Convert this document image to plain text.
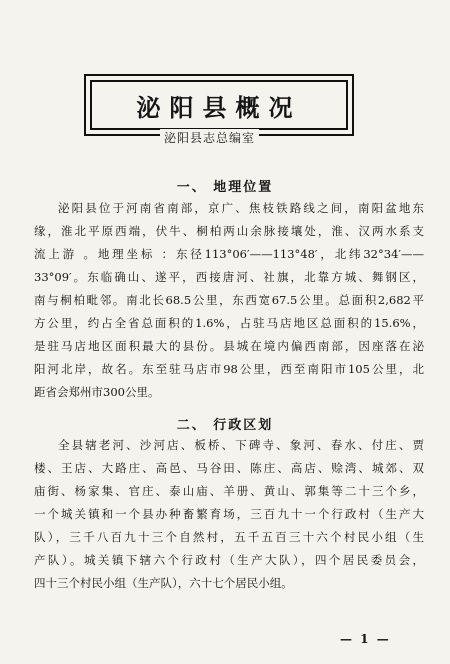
泌阳县概况
泌阳县志总编室
一、 地理位置
泌阳县位于河南省南部，京广、焦枝铁路线之间，南阳盆地东
缘，淮北平原西端，伏牛、桐柏两山余脉接壤处，淮、汉两水系支
流上游 。地理坐标 ：东径113°06′——113°48′，北纬32°34′——
33°09′。东临确山、遂平，西接唐河、社旗，北靠方城、舞钢区，
南与桐柏毗邻。南北长68.5公里，东西宽67.5公里。总面积2,682平
方公里，约占全省总面积的1.6%，占驻马店地区总面积的15.6%，
是驻马店地区面积最大的县份。县城在境内偏西南部，因座落在泌
阳河北岸，故名。东至驻马店市98公里，西至南阳市105公里，北
距省会郑州市300公里。
二、 行政区划
全县辖老河、沙河店、板桥、下碑寺、象河、春水、付庄、贾
楼、王店、大路庄、高邑、马谷田、陈庄、高店、赊湾、城郊、双
庙街、杨家集、官庄、泰山庙、羊册、黄山、郭集等二十三个乡，
一个城关镇和一个县办种畜繁育场，三百九十一个行政村（生产大
队），三千八百九十三个自然村，五千五百三十六个村民小组（生
产队）。城关镇下辖六个行政村（生产大队），四个居民委员会，
四十三个村民小组（生产队），六十七个居民小组。
— 1 —
